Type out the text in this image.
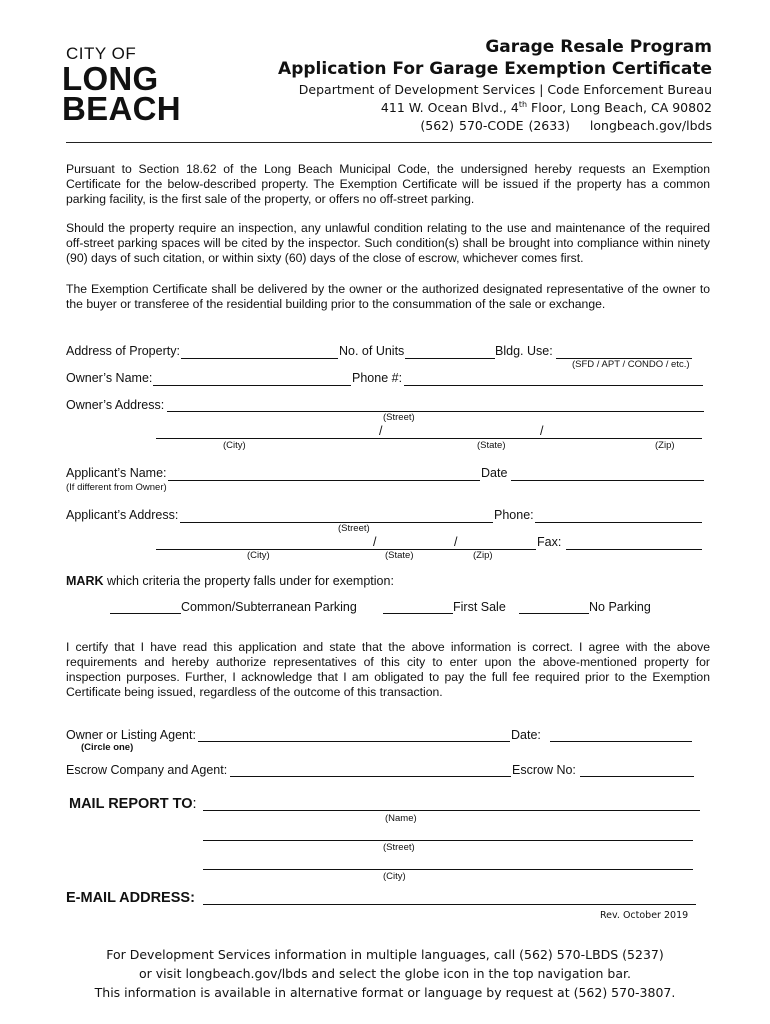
CITY OF
LONG
BEACH
Garage Resale Program
Application For Garage Exemption Certificate
Department of Development Services | Code Enforcement Bureau
411 W. Ocean Blvd., 4th Floor, Long Beach, CA 90802
(562) 570-CODE (2633) longbeach.gov/lbds
Pursuant to Section 18.62 of the Long Beach Municipal Code, the undersigned hereby requests an Exemption Certificate for the below-described property. The Exemption Certificate will be issued if the property has a common parking facility, is the first sale of the property, or offers no off-street parking.
Should the property require an inspection, any unlawful condition relating to the use and maintenance of the required off-street parking spaces will be cited by the inspector. Such condition(s) shall be brought into compliance within ninety (90) days of such citation, or within sixty (60) days of the close of escrow, whichever comes first.
The Exemption Certificate shall be delivered by the owner or the authorized designated representative of the owner to the buyer or transferee of the residential building prior to the consummation of the sale or exchange.
Address of Property:	No. of Units	Bldg. Use:
(SFD / APT / CONDO / etc.)
Owner’s Name:	Phone #:
Owner’s Address:
(Street)
/	/
(City)	(State)	(Zip)
Applicant’s Name:	Date
(If different from Owner)
Applicant’s Address:	Phone:
(Street)
/	/	Fax:
(City)	(State)	(Zip)
MARK which criteria the property falls under for exemption:
Common/Subterranean Parking	First Sale	No Parking
I certify that I have read this application and state that the above information is correct. I agree with the above requirements and hereby authorize representatives of this city to enter upon the above-mentioned property for inspection purposes. Further, I acknowledge that I am obligated to pay the full fee required prior to the Exemption Certificate being issued, regardless of the outcome of this transaction.
Owner or Listing Agent:	Date:
(Circle one)
Escrow Company and Agent:	Escrow No:
MAIL REPORT TO:
(Name)
(Street)
(City)
E-MAIL ADDRESS:
Rev. October 2019
For Development Services information in multiple languages, call (562) 570-LBDS (5237)
or visit longbeach.gov/lbds and select the globe icon in the top navigation bar.
This information is available in alternative format or language by request at (562) 570-3807.
